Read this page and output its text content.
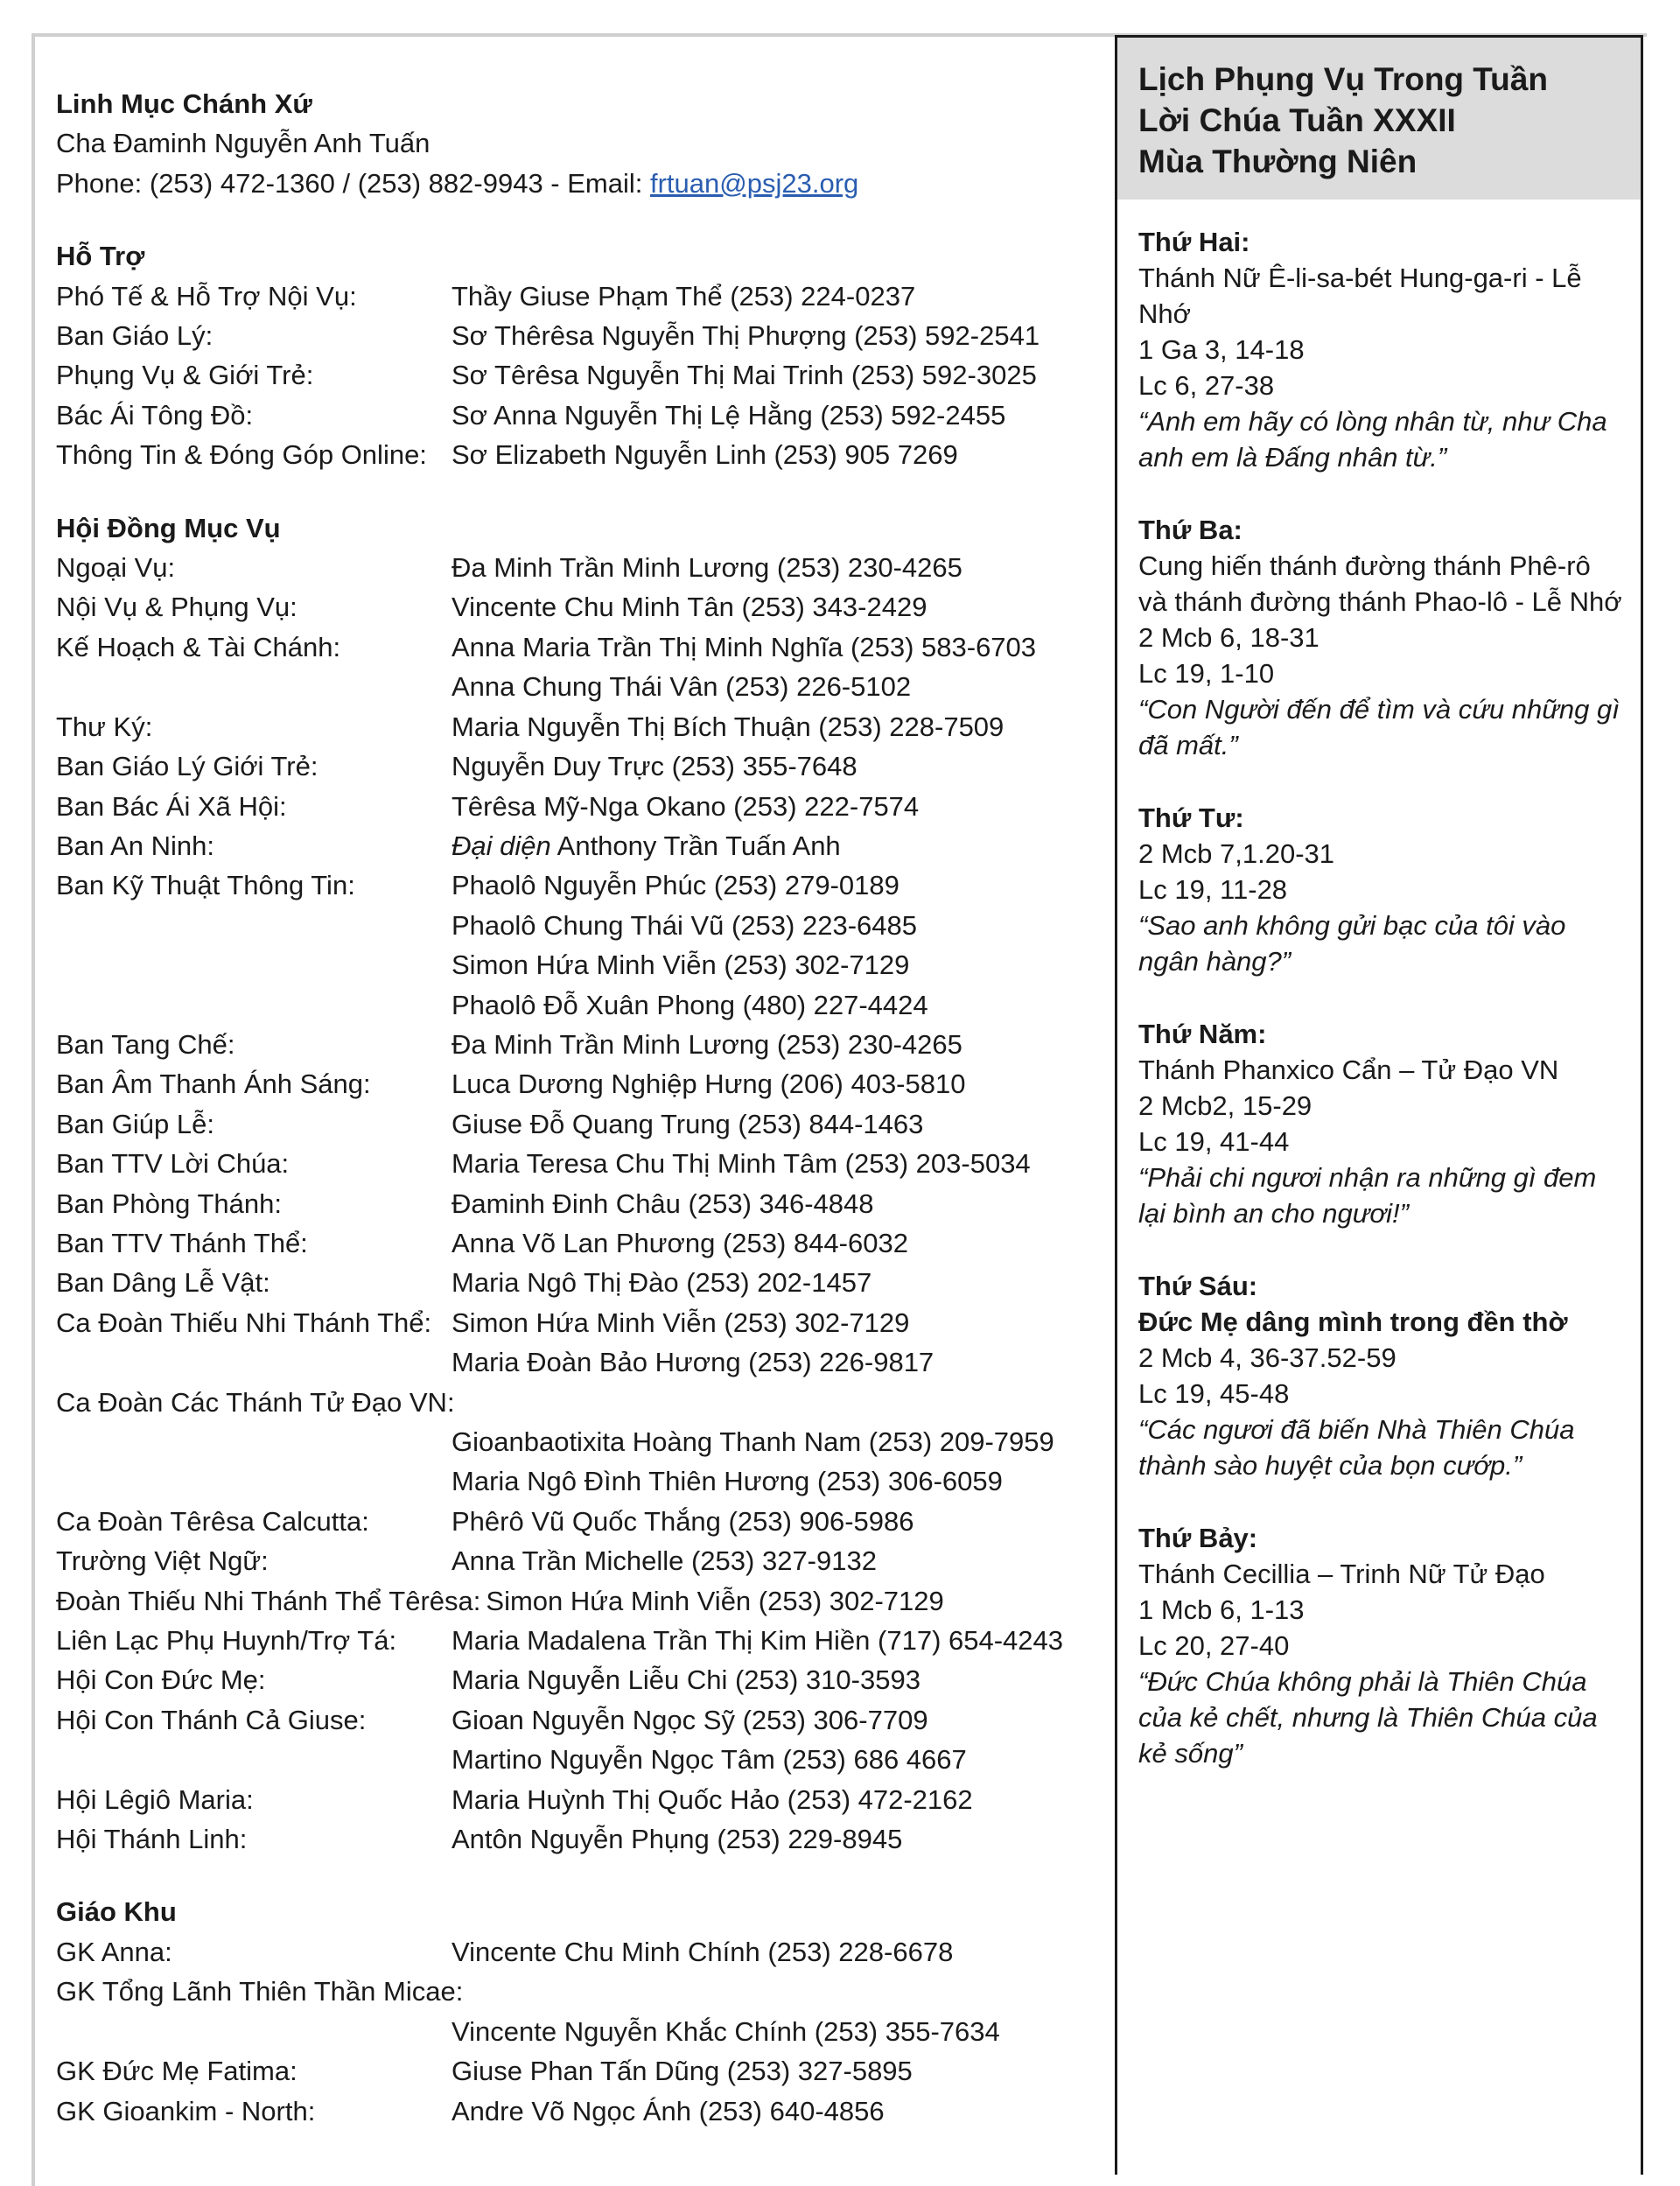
Linh Mục Chánh Xứ
Cha Đaminh Nguyễn Anh Tuấn
Phone: (253) 472-1360 / (253) 882-9943 - Email: frtuan@psj23.org
Hỗ Trợ
Phó Tế & Hỗ Trợ Nội Vụ:	Thầy Giuse Phạm Thể (253) 224-0237
Ban Giáo Lý:	Sơ Thêrêsa Nguyễn Thị Phượng (253) 592-2541
Phụng Vụ & Giới Trẻ:	Sơ Têrêsa Nguyễn Thị Mai Trinh (253) 592-3025
Bác Ái Tông Đồ:	Sơ Anna Nguyễn Thị Lệ Hằng (253) 592-2455
Thông Tin & Đóng Góp Online: Sơ Elizabeth Nguyễn Linh (253) 905 7269
Hội Đồng Mục Vụ
Ngoại Vụ:	Đa Minh Trần Minh Lương (253) 230-4265
Nội Vụ & Phụng Vụ:	Vincente Chu Minh Tân (253) 343-2429
Kế Hoạch & Tài Chánh:	Anna Maria Trần Thị Minh Nghĩa (253) 583-6703
Anna Chung Thái Vân (253) 226-5102
Thư Ký:	Maria Nguyễn Thị Bích Thuận (253) 228-7509
Ban Giáo Lý Giới Trẻ:	Nguyễn Duy Trực (253) 355-7648
Ban Bác Ái Xã Hội:	Têrêsa Mỹ-Nga Okano (253) 222-7574
Ban An Ninh:	Đại diện Anthony Trần Tuấn Anh
Ban Kỹ Thuật Thông Tin:	Phaolô Nguyễn Phúc (253) 279-0189
Phaolô Chung Thái Vũ (253) 223-6485
Simon Hứa Minh Viễn (253) 302-7129
Phaolô Đỗ Xuân Phong (480) 227-4424
Ban Tang Chế:	Đa Minh Trần Minh Lương (253) 230-4265
Ban Âm Thanh Ánh Sáng:	Luca Dương Nghiệp Hưng (206) 403-5810
Ban Giúp Lễ:	Giuse Đỗ Quang Trung (253) 844-1463
Ban TTV Lời Chúa:	Maria Teresa Chu Thị Minh Tâm (253) 203-5034
Ban Phòng Thánh:	Đaminh Đinh Châu (253) 346-4848
Ban TTV Thánh Thể:	Anna Võ Lan Phương (253) 844-6032
Ban Dâng Lễ Vật:	Maria Ngô Thị Đào (253) 202-1457
Ca Đoàn Thiếu Nhi Thánh Thể: Simon Hứa Minh Viễn (253) 302-7129
Maria Đoàn Bảo Hương (253) 226-9817
Ca Đoàn Các Thánh Tử Đạo VN:
Gioanbaotixita Hoàng Thanh Nam (253) 209-7959
Maria Ngô Đình Thiên Hương (253) 306-6059
Ca Đoàn Têrêsa Calcutta:	Phêrô Vũ Quốc Thắng (253) 906-5986
Trường Việt Ngữ:	Anna Trần Michelle (253) 327-9132
Đoàn Thiếu Nhi Thánh Thể Têrêsa: Simon Hứa Minh Viễn (253) 302-7129
Liên Lạc Phụ Huynh/Trợ Tá:	Maria Madalena Trần Thị Kim Hiền (717) 654-4243
Hội Con Đức Mẹ:	Maria Nguyễn Liễu Chi (253) 310-3593
Hội Con Thánh Cả Giuse:	Gioan Nguyễn Ngọc Sỹ (253) 306-7709
Martino Nguyễn Ngọc Tâm (253) 686 4667
Hội Lêgiô Maria:	Maria Huỳnh Thị Quốc Hảo (253) 472-2162
Hội Thánh Linh:	Antôn Nguyễn Phụng (253) 229-8945
Giáo Khu
GK Anna:	Vincente Chu Minh Chính (253) 228-6678
GK Tổng Lãnh Thiên Thần Micae:
Vincente Nguyễn Khắc Chính (253) 355-7634
GK Đức Mẹ Fatima:	Giuse Phan Tấn Dũng (253) 327-5895
GK Gioankim - North:	Andre Võ Ngọc Ánh (253) 640-4856
Lịch Phụng Vụ Trong Tuần
Lời Chúa Tuần XXXII
Mùa Thường Niên
Thứ Hai:
Thánh Nữ Ê-li-sa-bét Hung-ga-ri - Lễ Nhớ
1 Ga 3, 14-18
Lc 6, 27-38
“Anh em hãy có lòng nhân từ, như Cha anh em là Đấng nhân từ.”
Thứ Ba:
Cung hiến thánh đường thánh Phê-rô và thánh đường thánh Phao-lô - Lễ Nhớ
2 Mcb 6, 18-31
Lc 19, 1-10
“Con Người đến để tìm và cứu những gì đã mất.”
Thứ Tư:
2 Mcb 7,1.20-31
Lc 19, 11-28
“Sao anh không gửi bạc của tôi vào ngân hàng?”
Thứ Năm:
Thánh Phanxico Cẩn – Tử Đạo VN
2 Mcb2, 15-29
Lc 19, 41-44
“Phải chi ngươi nhận ra những gì đem lại bình an cho ngươi!”
Thứ Sáu:
Đức Mẹ dâng mình trong đền thờ
2 Mcb 4, 36-37.52-59
Lc 19, 45-48
“Các ngươi đã biến Nhà Thiên Chúa thành sào huyệt của bọn cướp.”
Thứ Bảy:
Thánh Cecillia – Trinh Nữ Tử Đạo
1 Mcb 6, 1-13
Lc 20, 27-40
“Đức Chúa không phải là Thiên Chúa của kẻ chết, nhưng là Thiên Chúa của kẻ sống”
